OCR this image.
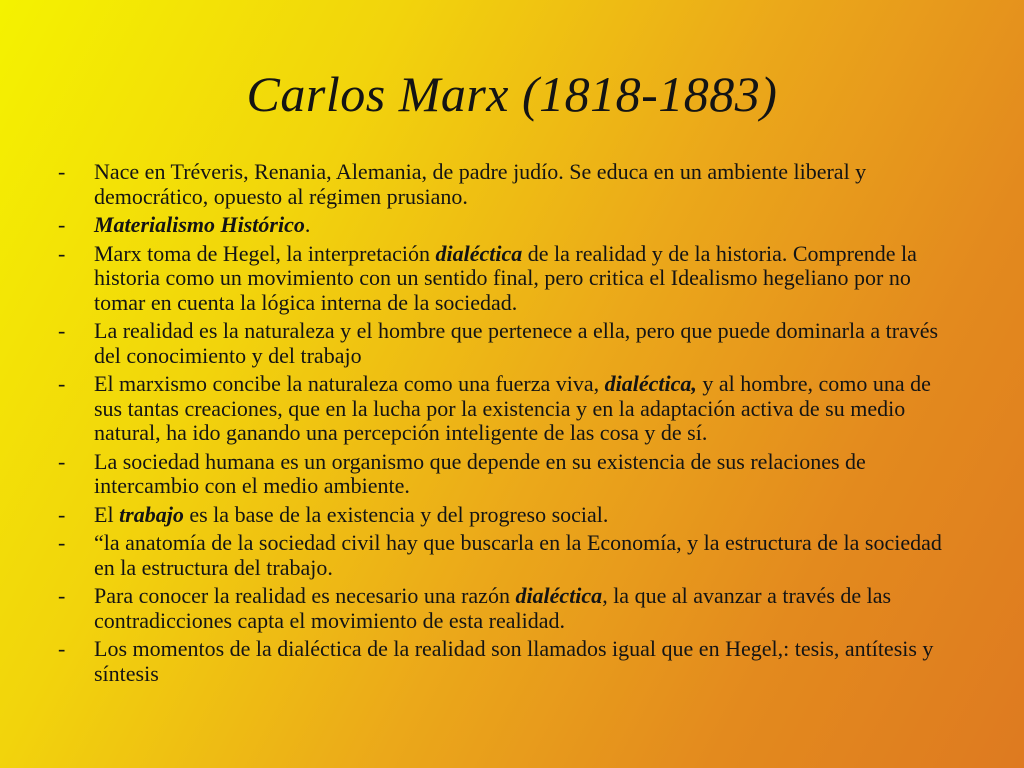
Carlos Marx (1818-1883)
- Nace en Tréveris, Renania, Alemania, de padre judío. Se educa en un ambiente liberal y democrático, opuesto al régimen prusiano.
- Materialismo Histórico.
- Marx toma de Hegel, la interpretación dialéctica de la realidad y de la historia. Comprende la historia como un movimiento con un sentido final, pero critica el Idealismo hegeliano por no tomar en cuenta la lógica interna de la sociedad.
- La realidad es la naturaleza y el hombre que pertenece a ella, pero que puede dominarla a través del conocimiento y del trabajo
- El marxismo concibe la naturaleza como una fuerza viva, dialéctica, y al hombre, como una de sus tantas creaciones, que en la lucha por la existencia y en la adaptación activa de su medio natural, ha ido ganando una percepción inteligente de las cosa y de sí.
- La sociedad humana es un organismo que depende en su existencia de sus relaciones de intercambio con el medio ambiente.
- El trabajo es la base de la existencia y del progreso social.
- “la anatomía de la sociedad civil hay que buscarla en la Economía, y la estructura de la sociedad en la estructura del trabajo.
- Para conocer la realidad es necesario una razón dialéctica, la que al avanzar a través de las contradicciones capta el movimiento de esta realidad.
- Los momentos de la dialéctica de la realidad son llamados igual que en Hegel,: tesis, antítesis y síntesis
